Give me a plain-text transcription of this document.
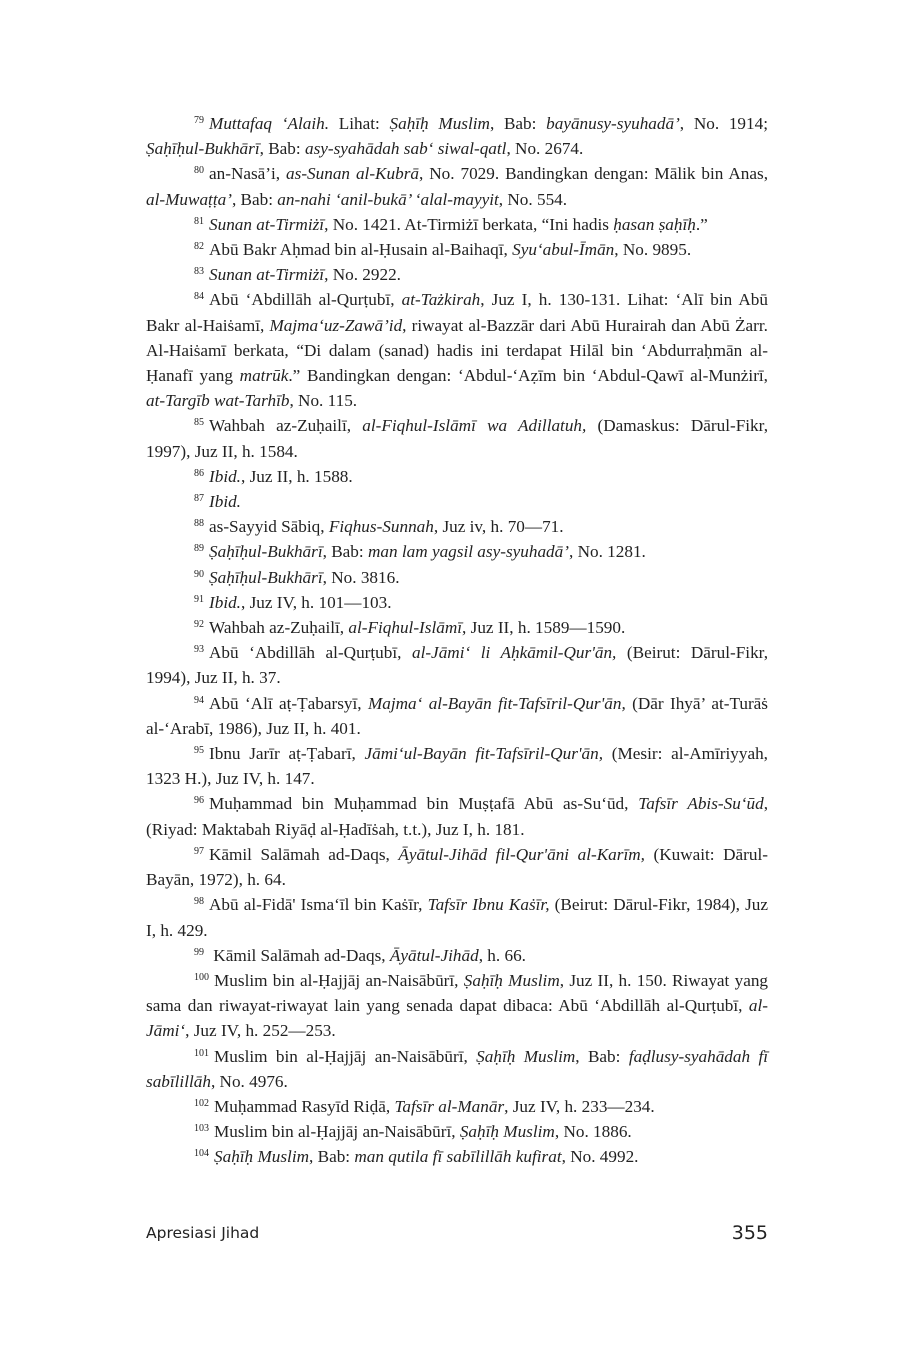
$^{79}$ Muttafaq ‘Alaih. Lihat: Ṣaḥīḥ Muslim, Bab: bayānusy-syuhadā’, No. 1914; Ṣaḥīḥul-Bukhārī, Bab: asy-syahādah sab‘ siwal-qatl, No. 2674.

$^{80}$ an-Nasā’i, as-Sunan al-Kubrā, No. 7029. Bandingkan dengan: Mālik bin Anas, al-Muwaṭṭa’, Bab: an-nahi ‘anil-bukā’ ‘alal-mayyit, No. 554.

$^{81}$ Sunan at-Tirmiżī, No. 1421. At-Tirmiżī berkata, “Ini hadis ḥasan ṣaḥīḥ.”

$^{82}$ Abū Bakr Aḥmad bin al-Ḥusain al-Baihaqī, Syu‘abul-Īmān, No. 9895.

$^{83}$ Sunan at-Tirmiżī, No. 2922.

$^{84}$ Abū ‘Abdillāh al-Qurṭubī, at-Tażkirah, Juz I, h. 130-131. Lihat: ‘Alī bin Abū Bakr al-Haiṡamī, Majma‘uz-Zawā’id, riwayat al-Bazzār dari Abū Hurairah dan Abū Żarr. Al-Haiṡamī berkata, “Di dalam (sanad) hadis ini terdapat Hilāl bin ‘Abdurraḥmān al-Ḥanafī yang matrūk.” Bandingkan dengan: ‘Abdul-‘Aẓīm bin ‘Abdul-Qawī al-Munżirī, at-Targīb wat-Tarhīb, No. 115.

$^{85}$ Wahbah az-Zuḥailī, al-Fiqhul-Islāmī wa Adillatuh, (Damaskus: Dārul-Fikr, 1997), Juz II, h. 1584.

$^{86}$ Ibid., Juz II, h. 1588.

$^{87}$ Ibid.

$^{88}$ as-Sayyid Sābiq, Fiqhus-Sunnah, Juz iv, h. 70—71.

$^{89}$ Ṣaḥīḥul-Bukhārī, Bab: man lam yagsil asy-syuhadā’, No. 1281.

$^{90}$ Ṣaḥīḥul-Bukhārī, No. 3816.

$^{91}$ Ibid., Juz IV, h. 101—103.

$^{92}$ Wahbah az-Zuḥailī, al-Fiqhul-Islāmī, Juz II, h. 1589—1590.

$^{93}$ Abū ‘Abdillāh al-Qurṭubī, al-Jāmi‘ li Aḥkāmil-Qur'ān, (Beirut: Dārul-Fikr, 1994), Juz II, h. 37.

$^{94}$ Abū ‘Alī aṭ-Ṭabarsyī, Majma‘ al-Bayān fit-Tafsīril-Qur'ān, (Dār Ihyā’ at-Turāṡ al-‘Arabī, 1986), Juz II, h. 401.

$^{95}$ Ibnu Jarīr aṭ-Ṭabarī, Jāmi‘ul-Bayān fit-Tafsīril-Qur'ān, (Mesir: al-Amīriyyah, 1323 H.), Juz IV, h. 147.

$^{96}$ Muḥammad bin Muḥammad bin Muṣṭafā Abū as-Su‘ūd, Tafsīr Abis-Su‘ūd, (Riyad: Maktabah Riyāḍ al-Ḥadīṡah, t.t.), Juz I, h. 181.

$^{97}$ Kāmil Salāmah ad-Daqs, Āyātul-Jihād fil-Qur'āni al-Karīm, (Kuwait: Dārul-Bayān, 1972), h. 64.

$^{98}$ Abū al-Fidā' Isma‘īl bin Kaṡīr, Tafsīr Ibnu Kaṡīr, (Beirut: Dārul-Fikr, 1984), Juz I, h. 429.

$^{99}$ Kāmil Salāmah ad-Daqs, Āyātul-Jihād, h. 66.

$^{100}$ Muslim bin al-Ḥajjāj an-Naisābūrī, Ṣaḥīḥ Muslim, Juz II, h. 150. Riwayat yang sama dan riwayat-riwayat lain yang senada dapat dibaca: Abū ‘Abdillāh al-Qurṭubī, al-Jāmi‘, Juz IV, h. 252—253.

$^{101}$ Muslim bin al-Ḥajjāj an-Naisābūrī, Ṣaḥīḥ Muslim, Bab: faḍlusy-syahādah fī sabīlillāh, No. 4976.

$^{102}$ Muḥammad Rasyīd Riḍā, Tafsīr al-Manār, Juz IV, h. 233—234.

$^{103}$ Muslim bin al-Ḥajjāj an-Naisābūrī, Ṣaḥīḥ Muslim, No. 1886.

$^{104}$ Ṣaḥīḥ Muslim, Bab: man qutila fī sabīlillāh kufirat, No. 4992.

Apresiasi Jihad	355
